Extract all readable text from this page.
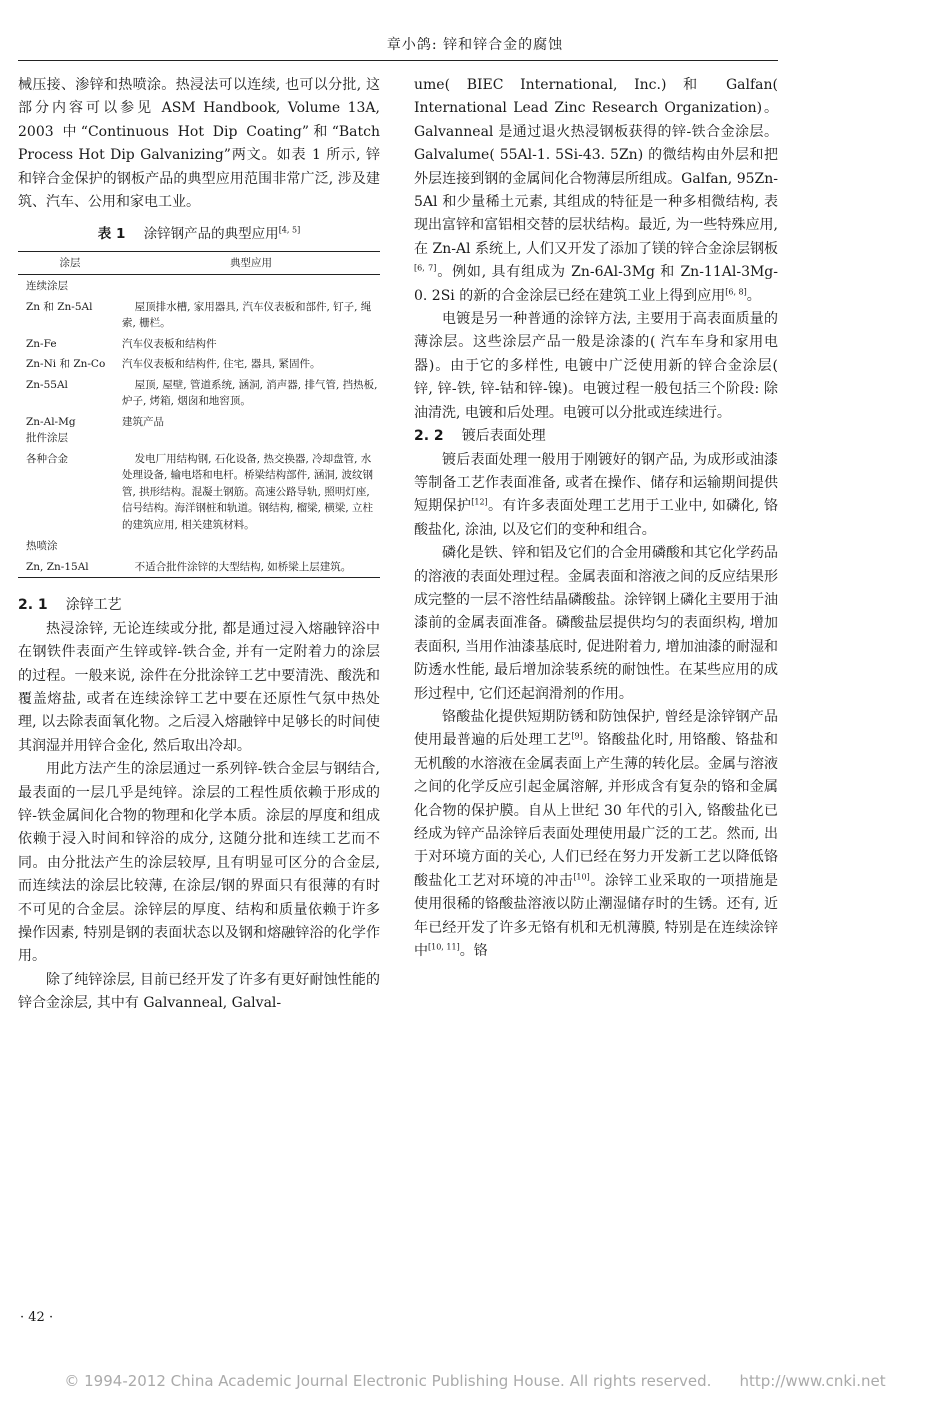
章小鸽: 锌和锌合金的腐蚀

械压接、渗锌和热喷涂。热浸法可以连续, 也可以分批, 这部分内容可以参见 ASM Handbook, Volume 13A, 2003 中“Continuous Hot Dip Coating”和“Batch Process Hot Dip Galvanizing”两文。如表 1 所示, 锌和锌合金保护的钢板产品的典型应用范围非常广泛, 涉及建筑、汽车、公用和家电工业。

表 1 涂锌钢产品的典型应用[4, 5]
涂层	典型应用
连续涂层	
Zn 和 Zn-5Al	屋顶排水槽, 家用器具, 汽车仪表板和部件, 钉子, 绳索, 栅栏。

Zn-Fe	汽车仪表板和结构件
Zn-Ni 和 Zn-Co	汽车仪表板和结构件, 住宅, 器具, 紧固件。
Zn-55Al	屋顶, 屋壁, 管道系统, 涵洞, 消声器, 排气管, 挡热板, 炉子, 烤箱, 烟囱和地窖顶。

Zn-Al-Mg
批件涂层	建筑产品
各种合金	发电厂用结构钢, 石化设备, 热交换器, 冷却盘管, 水处理设备, 输电塔和电杆。桥梁结构部件, 涵洞, 波纹钢管, 拱形结构。混凝土钢筋。高速公路导轨, 照明灯座, 信号结构。海洋钢桩和轨道。钢结构, 榴梁, 横梁, 立柱的建筑应用, 相关建筑材料。

热喷涂	
Zn, Zn-15Al	不适合批件涂锌的大型结构, 如桥梁上层建筑。
2. 1 涂锌工艺

热浸涂锌, 无论连续或分批, 都是通过浸入熔融锌浴中在钢铁件表面产生锌或锌-铁合金, 并有一定附着力的涂层的过程。一般来说, 涂件在分批涂锌工艺中要清洗、酸洗和覆盖熔盐, 或者在连续涂锌工艺中要在还原性气氛中热处理, 以去除表面氧化物。之后浸入熔融锌中足够长的时间使其润湿并用锌合金化, 然后取出冷却。

用此方法产生的涂层通过一系列锌-铁合金层与钢结合, 最表面的一层几乎是纯锌。涂层的工程性质依赖于形成的锌-铁金属间化合物的物理和化学本质。涂层的厚度和组成依赖于浸入时间和锌浴的成分, 这随分批和连续工艺而不同。由分批法产生的涂层较厚, 且有明显可区分的合金层, 而连续法的涂层比较薄, 在涂层/钢的界面只有很薄的有时不可见的合金层。涂锌层的厚度、结构和质量依赖于许多操作因素, 特别是钢的表面状态以及钢和熔融锌浴的化学作用。

除了纯锌涂层, 目前已经开发了许多有更好耐蚀性能的锌合金涂层, 其中有 Galvanneal, Galval-

ume( BIEC International, Inc.) 和 Galfan( International Lead Zinc Research Organization)。Galvanneal 是通过退火热浸钢板获得的锌-铁合金涂层。Galvalume( 55Al-1. 5Si-43. 5Zn) 的微结构由外层和把外层连接到钢的金属间化合物薄层所组成。Galfan, 95Zn-5Al 和少量稀土元素, 其组成的特征是一种多相微结构, 表现出富锌和富铝相交替的层状结构。最近, 为一些特殊应用, 在 Zn-Al 系统上, 人们又开发了添加了镁的锌合金涂层钢板[6, 7]。例如, 具有组成为 Zn-6Al-3Mg 和 Zn-11Al-3Mg-0. 2Si 的新的合金涂层已经在建筑工业上得到应用[6, 8]。

电镀是另一种普通的涂锌方法, 主要用于高表面质量的薄涂层。这些涂层产品一般是涂漆的( 汽车车身和家用电器)。由于它的多样性, 电镀中广泛使用新的锌合金涂层( 锌, 锌-铁, 锌-钴和锌-镍)。电镀过程一般包括三个阶段: 除油清洗, 电镀和后处理。电镀可以分批或连续进行。

2. 2 镀后表面处理

镀后表面处理一般用于刚镀好的钢产品, 为成形或油漆等制备工艺作表面准备, 或者在操作、储存和运输期间提供短期保护[12]。有许多表面处理工艺用于工业中, 如磷化, 铬酸盐化, 涂油, 以及它们的变种和组合。

磷化是铁、锌和铝及它们的合金用磷酸和其它化学药品的溶液的表面处理过程。金属表面和溶液之间的反应结果形成完整的一层不溶性结晶磷酸盐。涂锌钢上磷化主要用于油漆前的金属表面准备。磷酸盐层提供均匀的表面织构, 增加表面积, 当用作油漆基底时, 促进附着力, 增加油漆的耐湿和防透水性能, 最后增加涂装系统的耐蚀性。在某些应用的成形过程中, 它们还起润滑剂的作用。

铬酸盐化提供短期防锈和防蚀保护, 曾经是涂锌钢产品使用最普遍的后处理工艺[9]。铬酸盐化时, 用铬酸、铬盐和无机酸的水溶液在金属表面上产生薄的转化层。金属与溶液之间的化学反应引起金属溶解, 并形成含有复杂的铬和金属化合物的保护膜。自从上世纪 30 年代的引入, 铬酸盐化已经成为锌产品涂锌后表面处理使用最广泛的工艺。然而, 出于对环境方面的关心, 人们已经在努力开发新工艺以降低铬酸盐化工艺对环境的冲击[10]。涂锌工业采取的一项措施是使用很稀的铬酸盐溶液以防止潮湿储存时的生锈。还有, 近年已经开发了许多无铬有机和无机薄膜, 特别是在连续涂锌中[10, 11]。铬

· 42 ·
© 1994-2012 China Academic Journal Electronic Publishing House. All rights reserved. http://www.cnki.net
